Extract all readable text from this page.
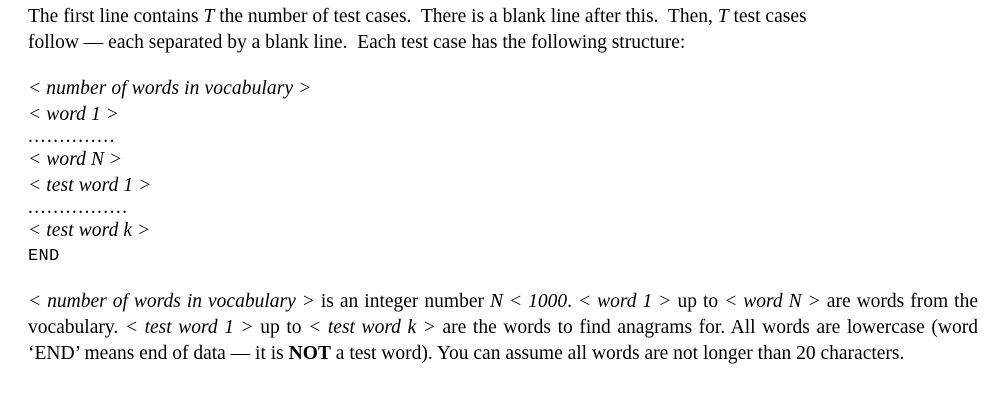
The first line contains T the number of test cases.  There is a blank line after this.  Then, T test cases
follow — each separated by a blank line.  Each test case has the following structure:
< number of words in vocabulary >
< word 1 >
..............
< word N >
< test word 1 >
................
< test word k >
END
< number of words in vocabulary > is an integer number N < 1000. < word 1 > up to < word N > are words from the vocabulary. < test word 1 > up to < test word k > are the words to find anagrams for. All words are lowercase (word ‘END’ means end of data — it is NOT a test word). You can assume all words are not longer than 20 characters.
